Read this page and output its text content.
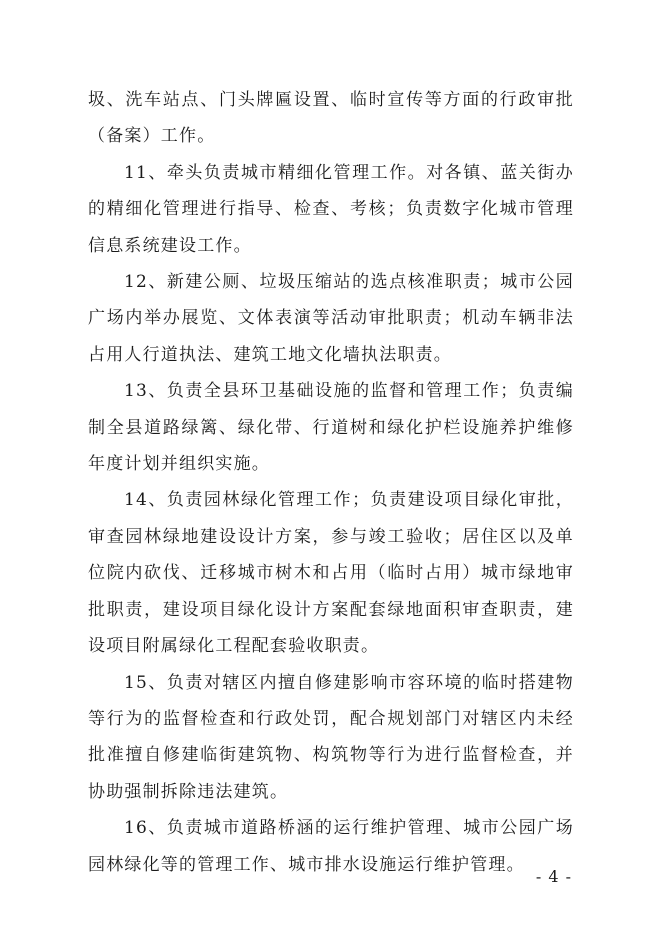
圾、洗车站点、门头牌匾设置、临时宣传等方面的行政审批（备案）工作。

11、牵头负责城市精细化管理工作。对各镇、蓝关街办的精细化管理进行指导、检查、考核；负责数字化城市管理信息系统建设工作。

12、新建公厕、垃圾压缩站的选点核准职责；城市公园广场内举办展览、文体表演等活动审批职责；机动车辆非法占用人行道执法、建筑工地文化墙执法职责。

13、负责全县环卫基础设施的监督和管理工作；负责编制全县道路绿篱、绿化带、行道树和绿化护栏设施养护维修年度计划并组织实施。

14、负责园林绿化管理工作；负责建设项目绿化审批，审查园林绿地建设设计方案，参与竣工验收；居住区以及单位院内砍伐、迁移城市树木和占用（临时占用）城市绿地审批职责，建设项目绿化设计方案配套绿地面积审查职责，建设项目附属绿化工程配套验收职责。

15、负责对辖区内擅自修建影响市容环境的临时搭建物等行为的监督检查和行政处罚，配合规划部门对辖区内未经批准擅自修建临街建筑物、构筑物等行为进行监督检查，并协助强制拆除违法建筑。

16、负责城市道路桥涵的运行维护管理、城市公园广场园林绿化等的管理工作、城市排水设施运行维护管理。

- 4 -
